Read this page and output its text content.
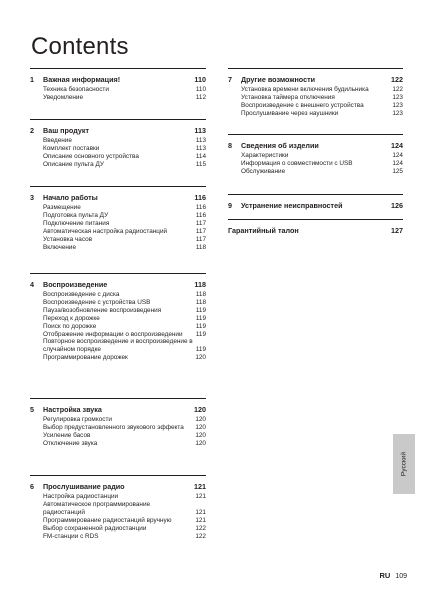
Contents
1	Важная информация!	110
Техника безопасности	110
Уведомление	112
2	Ваш продукт	113
Введение	113
Комплект поставки	113
Описание основного устройства	114
Описание пульта ДУ	115
3	Начало работы	116
Размещение	116
Подготовка пульта ДУ	116
Подключение питания	117
Автоматическая настройка радиостанций	117
Установка часов	117
Включение	118
4	Воспроизведение	118
Воспроизведение с диска	118
Воспроизведение с устройства USB	118
Пауза/возобновление воспроизведения	119
Переход к дорожке	119
Поиск по дорожке	119
Отображение информации о воспроизведении	119
Повторное воспроизведение и воспроизведение в случайном порядке	119
Программирование дорожек	120
5	Настройка звука	120
Регулировка громкости	120
Выбор предустановленного звукового эффекта	120
Усиление басов	120
Отключение звука	120
6	Прослушивание радио	121
Настройка радиостанции	121
Автоматическое программирование радиостанций	121
Программирование радиостанций вручную	121
Выбор сохраненной радиостанции	122
FM-станции с RDS	122
7	Другие возможности	122
Установка времени включения будильника	122
Установка таймера отключения	123
Воспроизведение с внешнего устройства	123
Прослушивание через наушники	123
8	Сведения об изделии	124
Характеристики	124
Информация о совместимости с USB	124
Обслуживание	125
9	Устранение неисправностей	126
Гарантийный талон	127
Русский
RU 109
